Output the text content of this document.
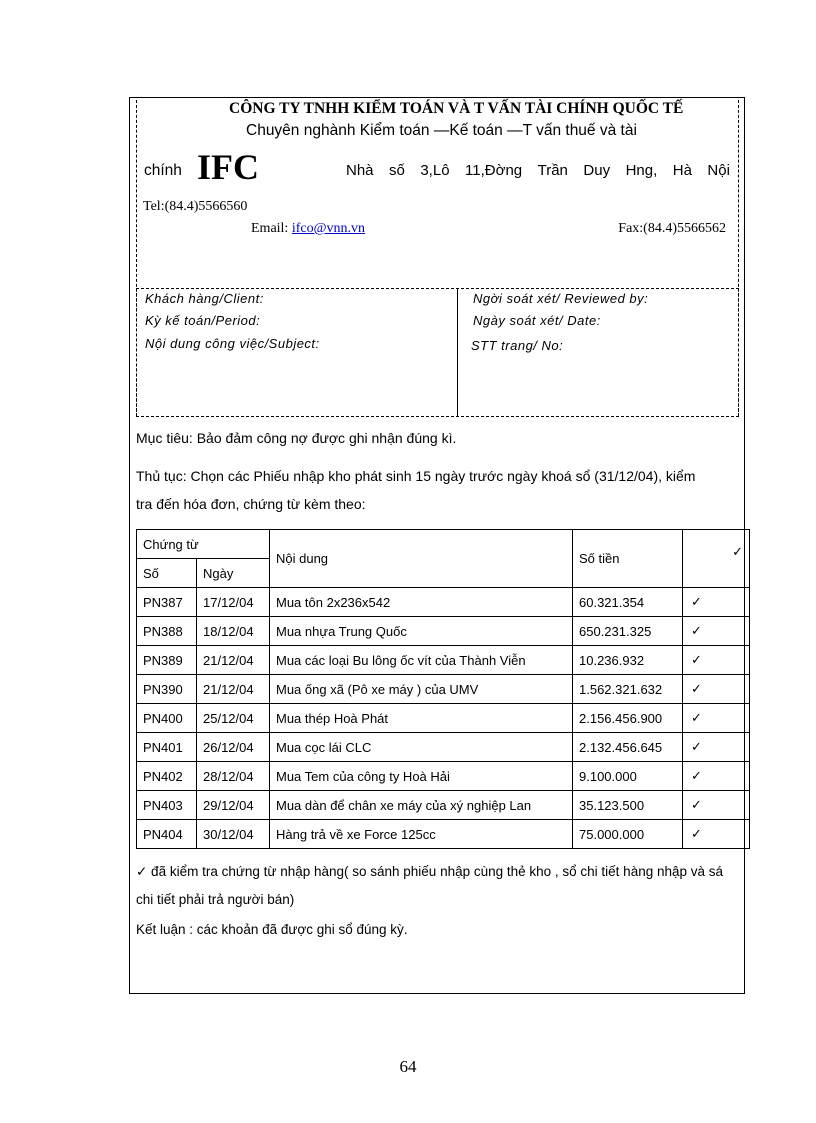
CÔNG TY TNHH KIỂM TOÁN VÀ T VẤN TÀI CHÍNH QUỐC TẾ
Chuyên nghành Kiểm toán —Kế toán —T vấn thuế và tài
chính IFC	Nhà số 3,Lô 11,Đờng Trần Duy Hng, Hà Nội
Tel:(84.4)5566560
Email: ifco@vnn.vn	Fax:(84.4)5566562
Khách hàng/Client:
Kỳ kế toán/Period:
Nội dung công việc/Subject:
Ngời soát xét/ Reviewed by:
Ngày soát xét/ Date:
STT trang/ No:
Mục tiêu: Bảo đảm công nợ được ghi nhận đúng kì.
Thủ tục: Chọn các Phiếu nhập kho phát sinh 15 ngày trước ngày khoá sổ (31/12/04), kiểm
tra đến hóa đơn, chứng từ kèm theo:
Chứng từ		Nội dung	Số tiền	✓
Số	Ngày			
PN387	17/12/04	Mua tôn 2x236x542	60.321.354	✓
PN388	18/12/04	Mua nhựa Trung Quốc	650.231.325	✓
PN389	21/12/04	Mua các loại Bu lông ốc vít của Thành Viễn	10.236.932	✓
PN390	21/12/04	Mua ống xã (Pô xe máy ) của UMV	1.562.321.632	✓
PN400	25/12/04	Mua thép Hoà Phát	2.156.456.900	✓
PN401	26/12/04	Mua cọc lái CLC	2.132.456.645	✓
PN402	28/12/04	Mua Tem của công ty Hoà Hải	9.100.000	✓
PN403	29/12/04	Mua dàn để chân xe máy của xý nghiệp Lan	35.123.500	✓
PN404	30/12/04	Hàng trả về xe Force 125cc	75.000.000	✓
✓ đã kiểm tra chứng từ nhập hàng( so sánh phiếu nhập cùng thẻ kho , sổ chi tiết hàng nhập và sá
chi tiết phải trả người bán)
Kết luận : các khoản đã được ghi sổ đúng kỳ.
64
